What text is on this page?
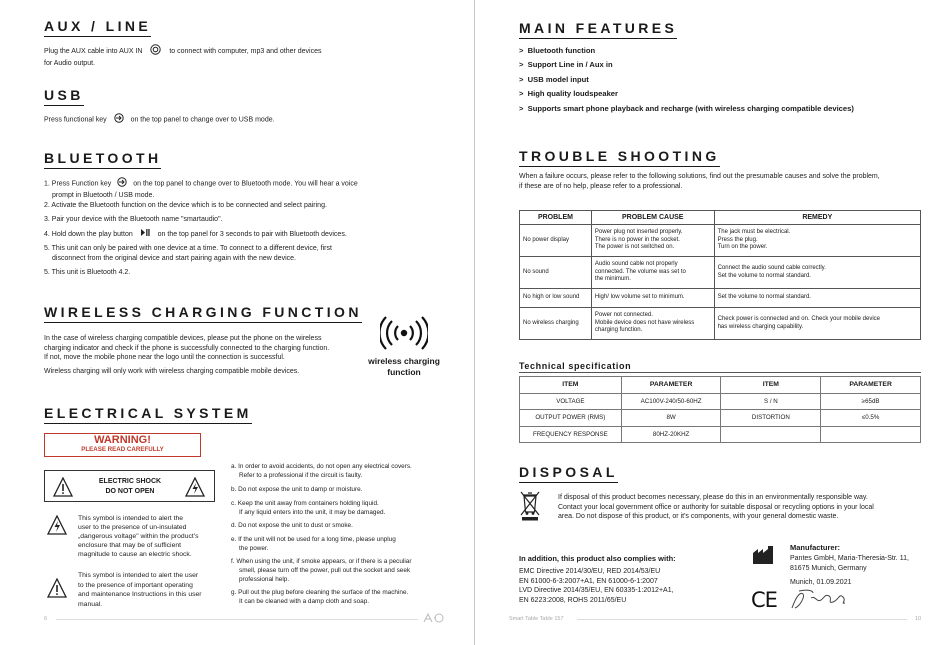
AUX / LINE
Plug the AUX cable into AUX IN	to connect with computer, mp3 and other devices
for Audio output.
USB
Press functional key	on the top panel to change over to USB mode.
BLUETOOTH
1. Press Function key	on the top panel to change over to Bluetooth mode. You will hear a voice
prompt in Bluetooth / USB mode.
2. Activate the Bluetooth function on the device which is to be connected and select pairing.
3. Pair your device with the Bluetooth name "smartaudio".
4. Hold down the play button	on the top panel for 3 seconds to pair with Bluetooth devices.
5. This unit can only be paired with one device at a time. To connect to a different device, first
disconnect from the original device and start pairing again with the new device.
5. This unit is Bluetooth 4.2.
WIRELESS CHARGING FUNCTION
In the case of wireless charging compatible devices, please put the phone on the wireless
charging indicator and check if the phone is successfully connected to the charging function.
If not, move the mobile phone near the logo until the connection is successful.
Wireless charging will only work with wireless charging compatible mobile devices.
wireless charging
function
ELECTRICAL SYSTEM
WARNING!
PLEASE READ CAREFULLY
ELECTRIC SHOCK
DO NOT OPEN
This symbol is intended to alert the
user to the presence of un-insulated
„dangerous voltage" within the product's
enclosure that may be of sufficient
magnitude to cause an electric shock.
This symbol is intended to alert the user
to the presence of important operating
and maintenance Instructions in this user
manual.
a. In order to avoid accidents, do not open any electrical covers.
Refer to a professional if the circuit is faulty.
b. Do not expose the unit to damp or moisture.
c. Keep the unit away from containers holding liquid.
If any liquid enters into the unit, it may be damaged.
d. Do not expose the unit to dust or smoke.
e. If the unit will not be used for a long time, please unplug
the power.
f. When using the unit, if smoke appears, or if there is a peculiar
smell, please turn off the power, pull out the socket and seek
professional help.
g. Pull out the plug before cleaning the surface of the machine.
It can be cleaned with a damp cloth and soap.
6
MAIN FEATURES
> Bluetooth function
> Support Line in / Aux in
> USB model input
> High quality loudspeaker
> Supports smart phone playback and recharge (with wireless charging compatible devices)
TROUBLE SHOOTING
When a failure occurs, please refer to the following solutions, find out the presumable causes and solve the problem,
if these are of no help, please refer to a professional.
PROBLEM	PROBLEM CAUSE	REMEDY
No power display	Power plug not inserted properly.
There is no power in the socket.
The power is not switched on.	The jack must be electrical.
Press the plug.
Turn on the power.
No sound	Audio sound cable not properly
connected. The volume was set to
the minimum.	Connect the audio sound cable correctly.
Set the volume to normal standard.
No high or low sound	High/ low volume set to minimum.	Set the volume to normal standard.
No wireless charging	Power not connected.
Mobile device does not have wireless
charging function.	Check power is connected and on. Check your mobile device
has wireless charging capability.
Technical specification
ITEM	PARAMETER	ITEM	PARAMETER
VOLTAGE	AC100V-240/50-60HZ	S / N	≥65dB
OUTPUT POWER (RMS)	8W	DISTORTION	≤0.5%
FREQUENCY RESPONSE	80HZ-20KHZ		
DISPOSAL
If disposal of this product becomes necessary, please do this in an environmentally responsible way.
Contact your local government office or authority for suitable disposal or recycling options in your local
area. Do not dispose of this product, or it's components, with your general domestic waste.
In addition, this product also complies with:
EMC Directive 2014/30/EU, RED 2014/53/EU
EN 61000-6-3:2007+A1, EN 61000-6-1:2007
LVD Directive 2014/35/EU, EN 60335-1:2012+A1,
EN 6223:2008, ROHS 2011/65/EU
Manufacturer:
Pantes GmbH, Maria-Theresia-Str. 11,
81675 Munich, Germany
Munich, 01.09.2021
CE
Smart Table Table 157	10
